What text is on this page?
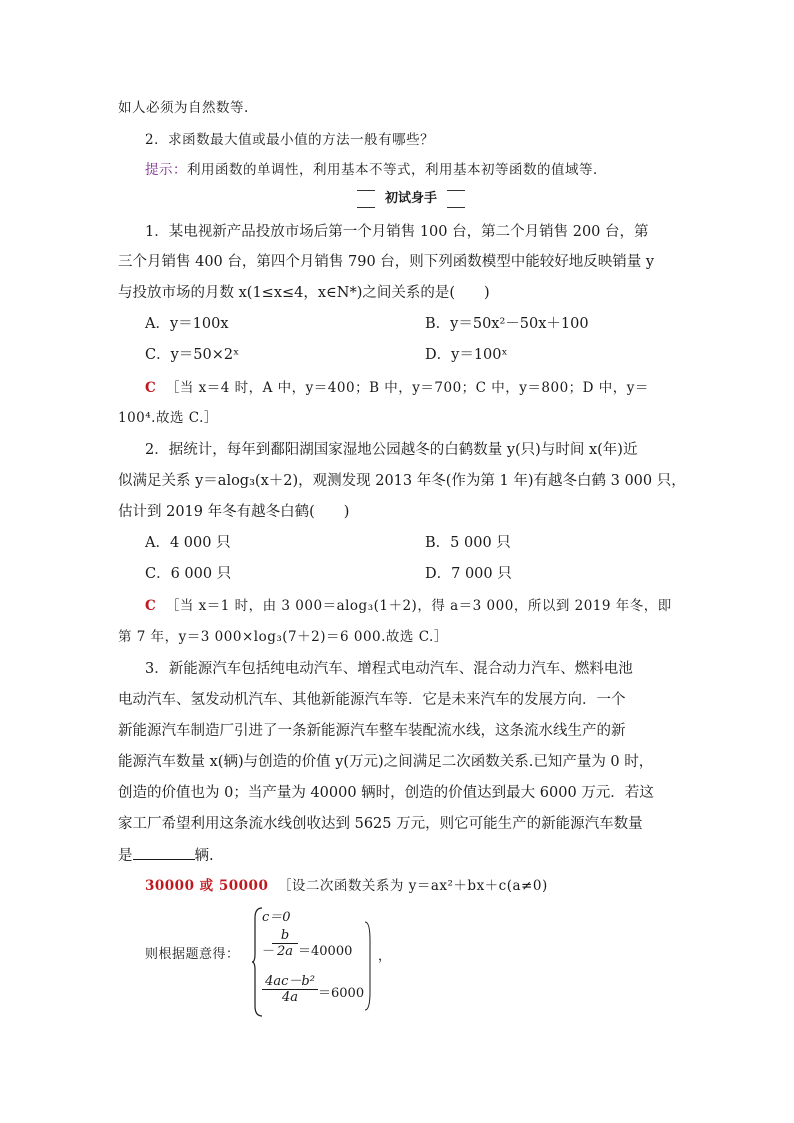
如人必须为自然数等.
2．求函数最大值或最小值的方法一般有哪些？
提示：利用函数的单调性，利用基本不等式，利用基本初等函数的值域等．
初试身手
1．某电视新产品投放市场后第一个月销售 100 台，第二个月销售 200 台，第
三个月销售 400 台，第四个月销售 790 台，则下列函数模型中能较好地反映销量 y
与投放市场的月数 x(1≤x≤4，x∈N*)之间关系的是(　　)
A．y＝100x	B．y＝50x²－50x＋100
C．y＝50×2ˣ	D．y＝100ˣ
C ［当 x＝4 时，A 中，y＝400；B 中，y＝700；C 中，y＝800；D 中，y＝
100⁴.故选 C.］
2．据统计，每年到鄱阳湖国家湿地公园越冬的白鹤数量 y(只)与时间 x(年)近
似满足关系 y＝alog₃(x＋2)，观测发现 2013 年冬(作为第 1 年)有越冬白鹤 3 000 只，
估计到 2019 年冬有越冬白鹤(　　)
A．4 000 只	B．5 000 只
C．6 000 只	D．7 000 只
C ［当 x＝1 时，由 3 000＝alog₃(1＋2)，得 a＝3 000，所以到 2019 年冬，即
第 7 年，y＝3 000×log₃(7＋2)＝6 000.故选 C.］
3．新能源汽车包括纯电动汽车、增程式电动汽车、混合动力汽车、燃料电池
电动汽车、氢发动机汽车、其他新能源汽车等．它是未来汽车的发展方向．一个
新能源汽车制造厂引进了一条新能源汽车整车装配流水线，这条流水线生产的新
能源汽车数量 x(辆)与创造的价值 y(万元)之间满足二次函数关系.已知产量为 0 时，
创造的价值也为 0；当产量为 40000 辆时，创造的价值达到最大 6000 万元．若这
家工厂希望利用这条流水线创收达到 5625 万元，则它可能生产的新能源汽车数量
是	辆.
30000 或 50000 ［设二次函数关系为 y＝ax²＋bx＋c(a≠0)
则根据题意得：
c＝0
－
$\frac{b}{2a} =40000$
$\frac{\text{4ac－b²}}{4a} =6000$
，
